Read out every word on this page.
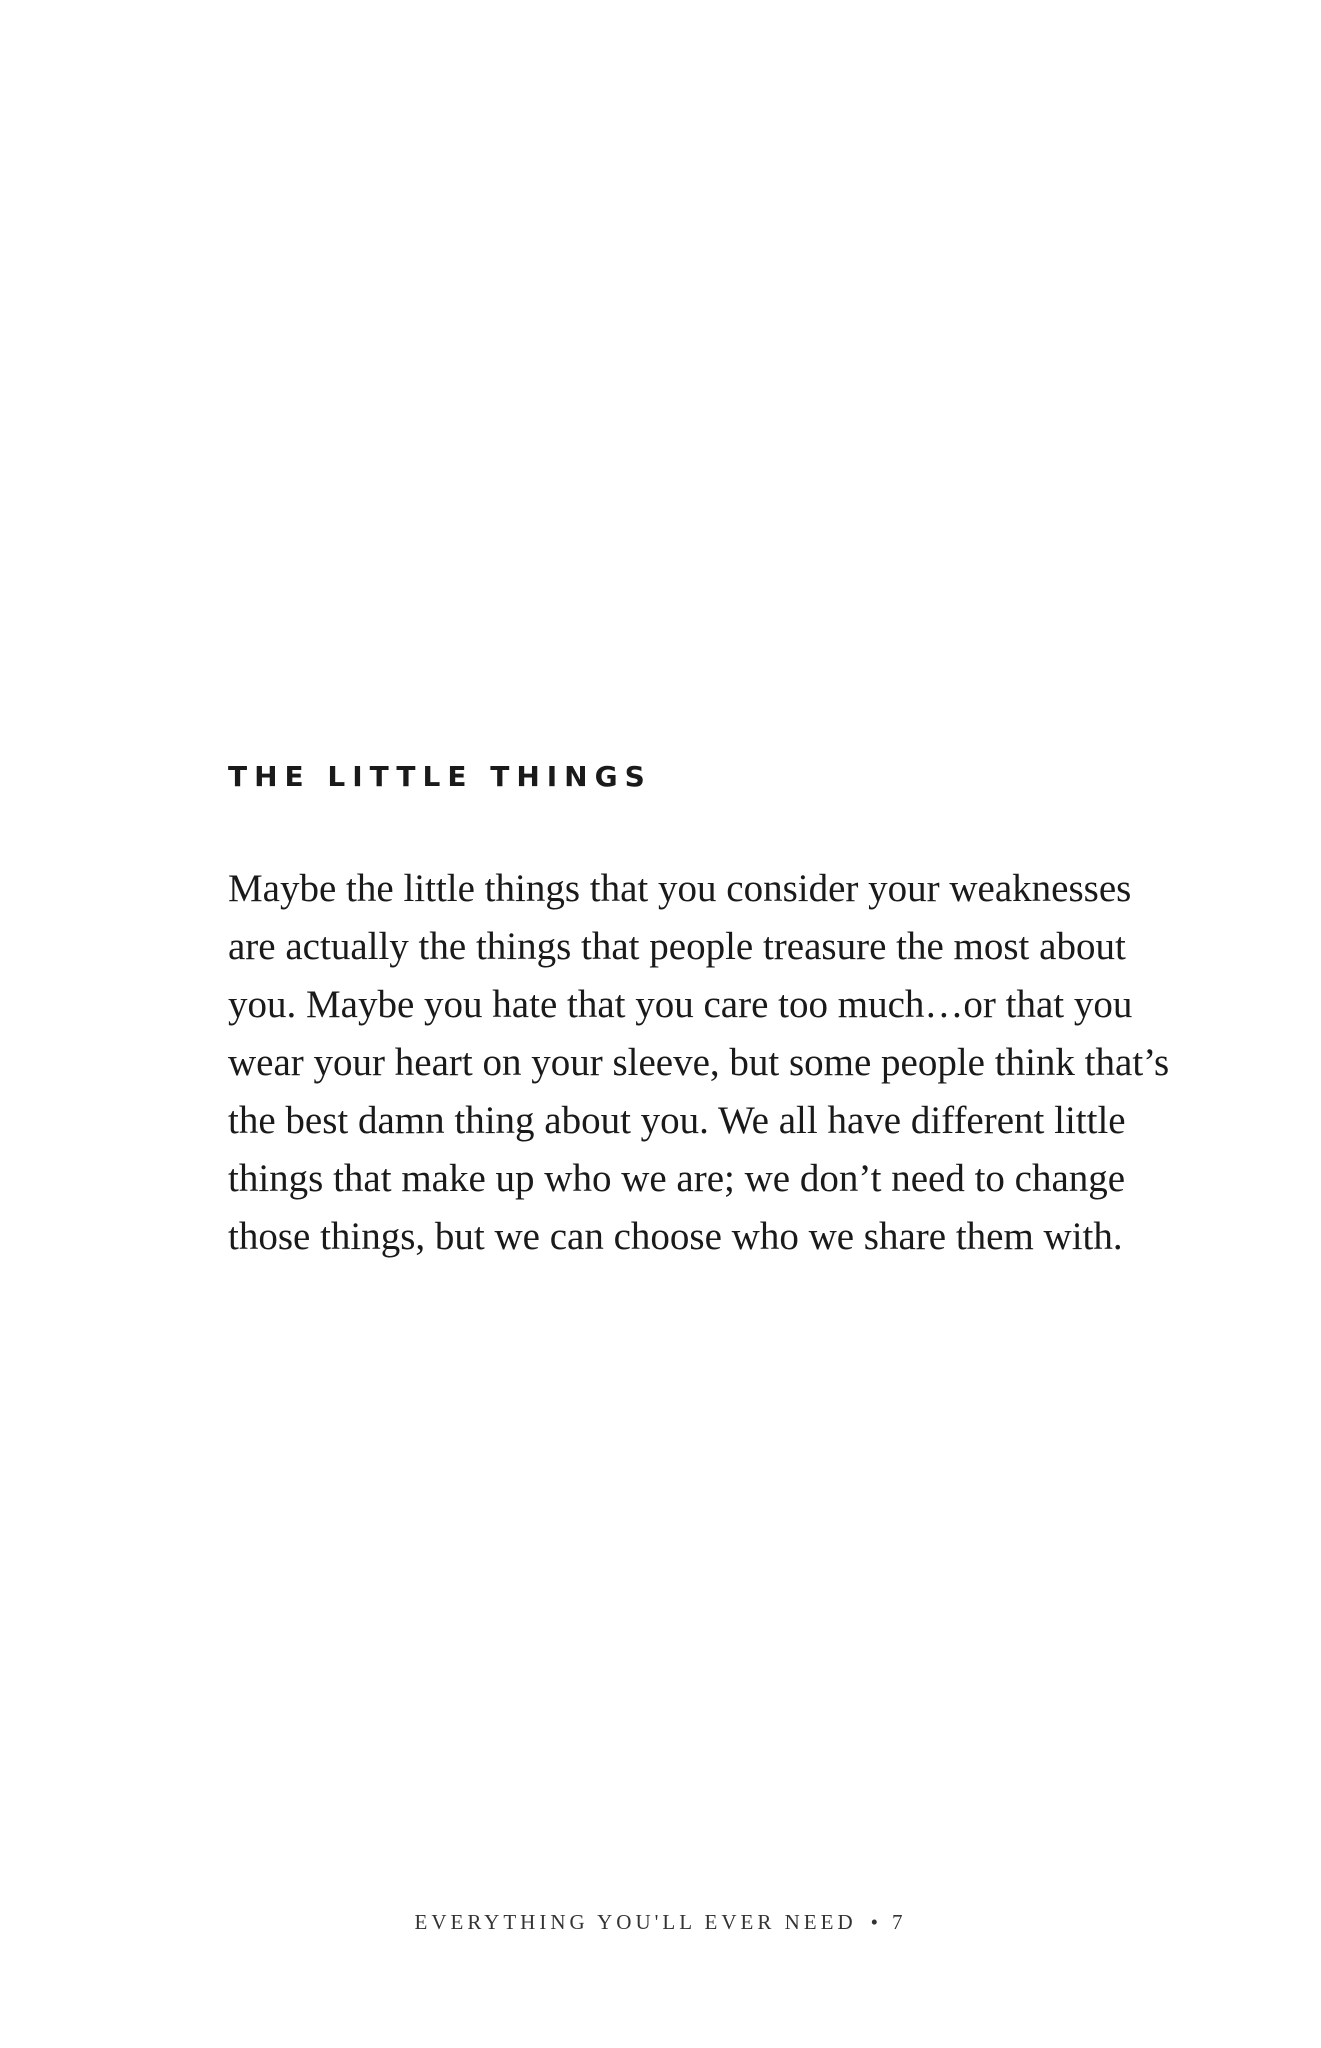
THE LITTLE THINGS
Maybe the little things that you consider your weaknesses
are actually the things that people treasure the most about
you. Maybe you hate that you care too much…or that you
wear your heart on your sleeve, but some people think that’s
the best damn thing about you. We all have different little
things that make up who we are; we don’t need to change
those things, but we can choose who we share them with.
EVERYTHING YOU'LL EVER NEED • 7
